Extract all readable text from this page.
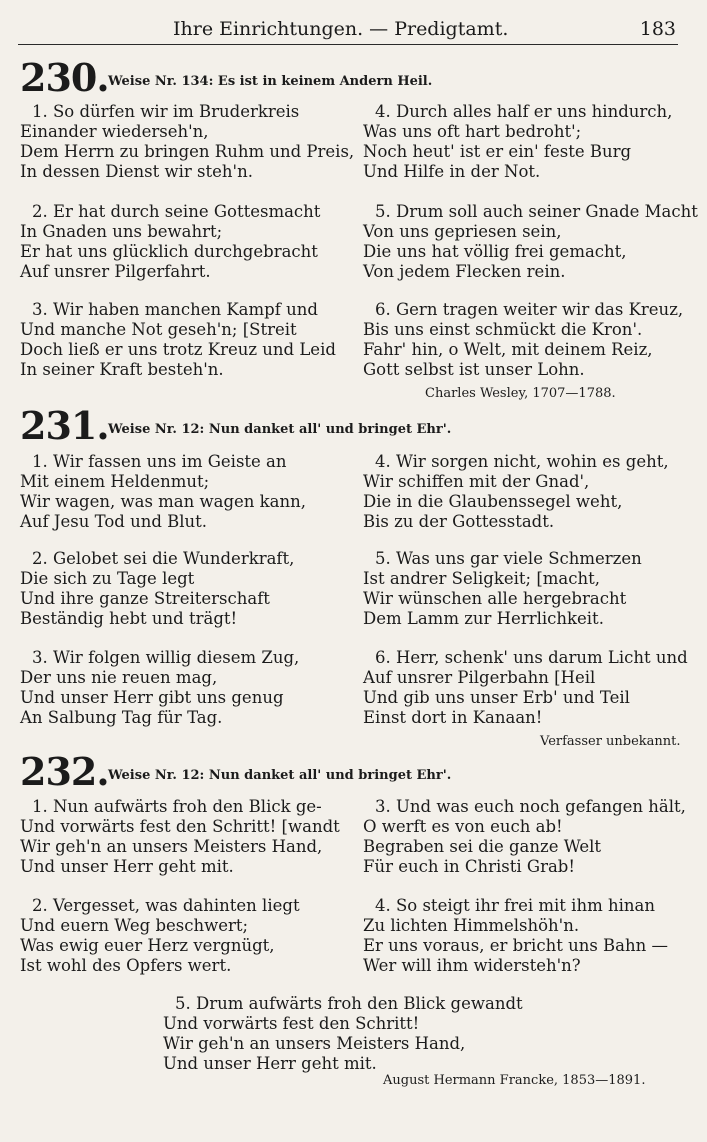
Ihre Einrichtungen. — Predigtamt.	183
230. Weise Nr. 134: Es ist in keinem Andern Heil.
1. So dürfen wir im Bruderkreis
Einander wiederseh'n,
Dem Herrn zu bringen Ruhm und Preis,
In dessen Dienst wir steh'n.
2. Er hat durch seine Gottesmacht
In Gnaden uns bewahrt;
Er hat uns glücklich durchgebracht
Auf unsrer Pilgerfahrt.
3. Wir haben manchen Kampf und
Und manche Not geseh'n; [Streit
Doch ließ er uns trotz Kreuz und Leid
In seiner Kraft besteh'n.
4. Durch alles half er uns hindurch,
Was uns oft hart bedroht';
Noch heut' ist er ein' feste Burg
Und Hilfe in der Not.
5. Drum soll auch seiner Gnade Macht
Von uns gepriesen sein,
Die uns hat völlig frei gemacht,
Von jedem Flecken rein.
6. Gern tragen weiter wir das Kreuz,
Bis uns einst schmückt die Kron'.
Fahr' hin, o Welt, mit deinem Reiz,
Gott selbst ist unser Lohn.
Charles Wesley, 1707—1788.
231. Weise Nr. 12: Nun danket all' und bringet Ehr'.
1. Wir fassen uns im Geiste an
Mit einem Heldenmut;
Wir wagen, was man wagen kann,
Auf Jesu Tod und Blut.
2. Gelobet sei die Wunderkraft,
Die sich zu Tage legt
Und ihre ganze Streiterschaft
Beständig hebt und trägt!
3. Wir folgen willig diesem Zug,
Der uns nie reuen mag,
Und unser Herr gibt uns genug
An Salbung Tag für Tag.
4. Wir sorgen nicht, wohin es geht,
Wir schiffen mit der Gnad',
Die in die Glaubenssegel weht,
Bis zu der Gottesstadt.
5. Was uns gar viele Schmerzen
Ist andrer Seligkeit; [macht,
Wir wünschen alle hergebracht
Dem Lamm zur Herrlichkeit.
6. Herr, schenk' uns darum Licht und
Auf unsrer Pilgerbahn [Heil
Und gib uns unser Erb' und Teil
Einst dort in Kanaan!
Verfasser unbekannt.
232. Weise Nr. 12: Nun danket all' und bringet Ehr'.
1. Nun aufwärts froh den Blick ge-
Und vorwärts fest den Schritt! [wandt
Wir geh'n an unsers Meisters Hand,
Und unser Herr geht mit.
2. Vergesset, was dahinten liegt
Und euern Weg beschwert;
Was ewig euer Herz vergnügt,
Ist wohl des Opfers wert.
3. Und was euch noch gefangen hält,
O werft es von euch ab!
Begraben sei die ganze Welt
Für euch in Christi Grab!
4. So steigt ihr frei mit ihm hinan
Zu lichten Himmelshöh'n.
Er uns voraus, er bricht uns Bahn —
Wer will ihm widersteh'n?
5. Drum aufwärts froh den Blick gewandt
Und vorwärts fest den Schritt!
Wir geh'n an unsers Meisters Hand,
Und unser Herr geht mit.
August Hermann Francke, 1853—1891.
